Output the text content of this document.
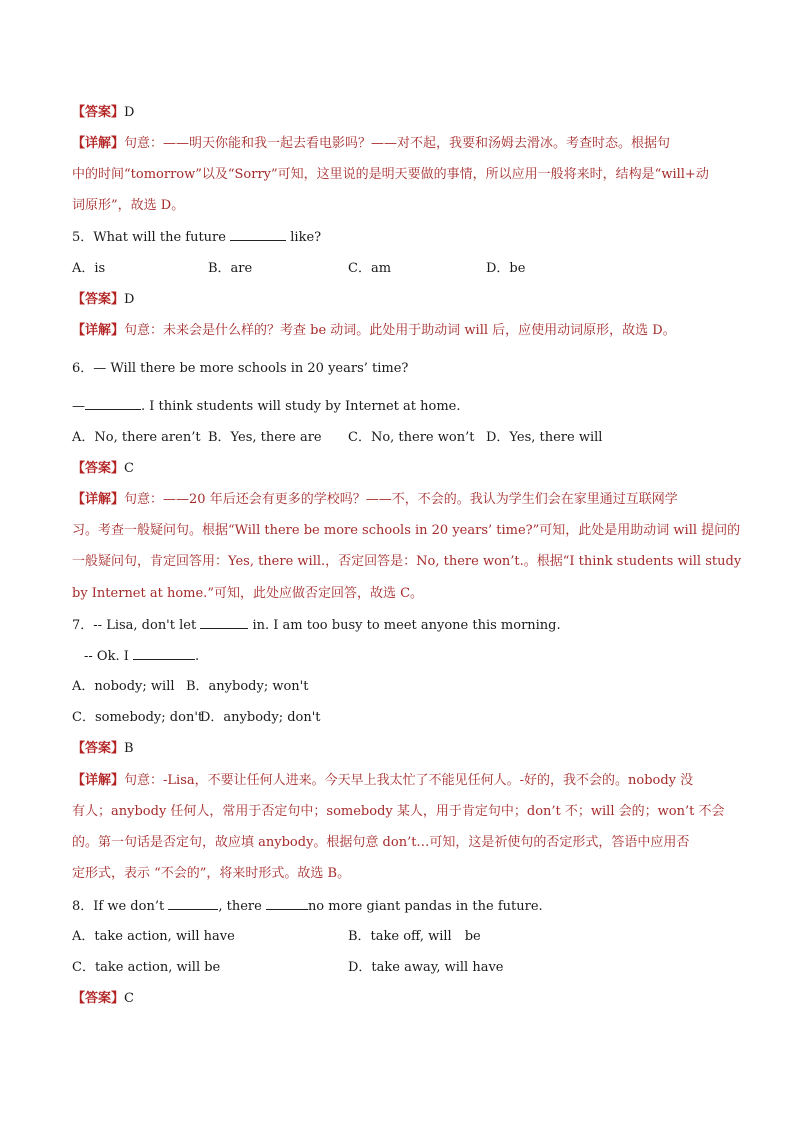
【答案】D
【详解】句意：——明天你能和我一起去看电影吗？——对不起，我要和汤姆去滑冰。考查时态。根据句
中的时间“tomorrow”以及“Sorry”可知，这里说的是明天要做的事情，所以应用一般将来时，结构是“will+动
词原形”，故选 D。
5．What will the future	like?
A．is	B．are	C．am	D．be
【答案】D
【详解】句意：未来会是什么样的？考查 be 动词。此处用于助动词 will 后，应使用动词原形，故选 D。
6．— Will there be more schools in 20 years’ time?
—	. I think students will study by Internet at home.
A．No, there aren’t B．Yes, there are C．No, there won’t D．Yes, there will
【答案】C
【详解】句意：——20 年后还会有更多的学校吗？——不，不会的。我认为学生们会在家里通过互联网学
习。考查一般疑问句。根据“Will there be more schools in 20 years’ time?”可知，此处是用助动词 will 提问的
一般疑问句，肯定回答用：Yes, there will.，否定回答是：No, there won’t.。根据“I think students will study
by Internet at home.”可知，此处应做否定回答，故选 C。
7．-- Lisa, don't let	in. I am too busy to meet anyone this morning.
-- Ok. I	.
A．nobody; will B．anybody; won't
C．somebody; don't
D．anybody; don't
【答案】B
【详解】句意：-Lisa，不要让任何人进来。今天早上我太忙了不能见任何人。-好的，我不会的。nobody 没
有人；anybody 任何人，常用于否定句中；somebody 某人，用于肯定句中；don’t 不；will 会的；won’t 不会
的。第一句话是否定句，故应填 anybody。根据句意 don’t…可知，这是祈使句的否定形式，答语中应用否
定形式，表示 “不会的”，将来时形式。故选 B。
8．If we don’t	, there	no more giant pandas in the future.
A．take action, will have	B．take off, will　be
C．take action, will be	D．take away, will have
【答案】C
